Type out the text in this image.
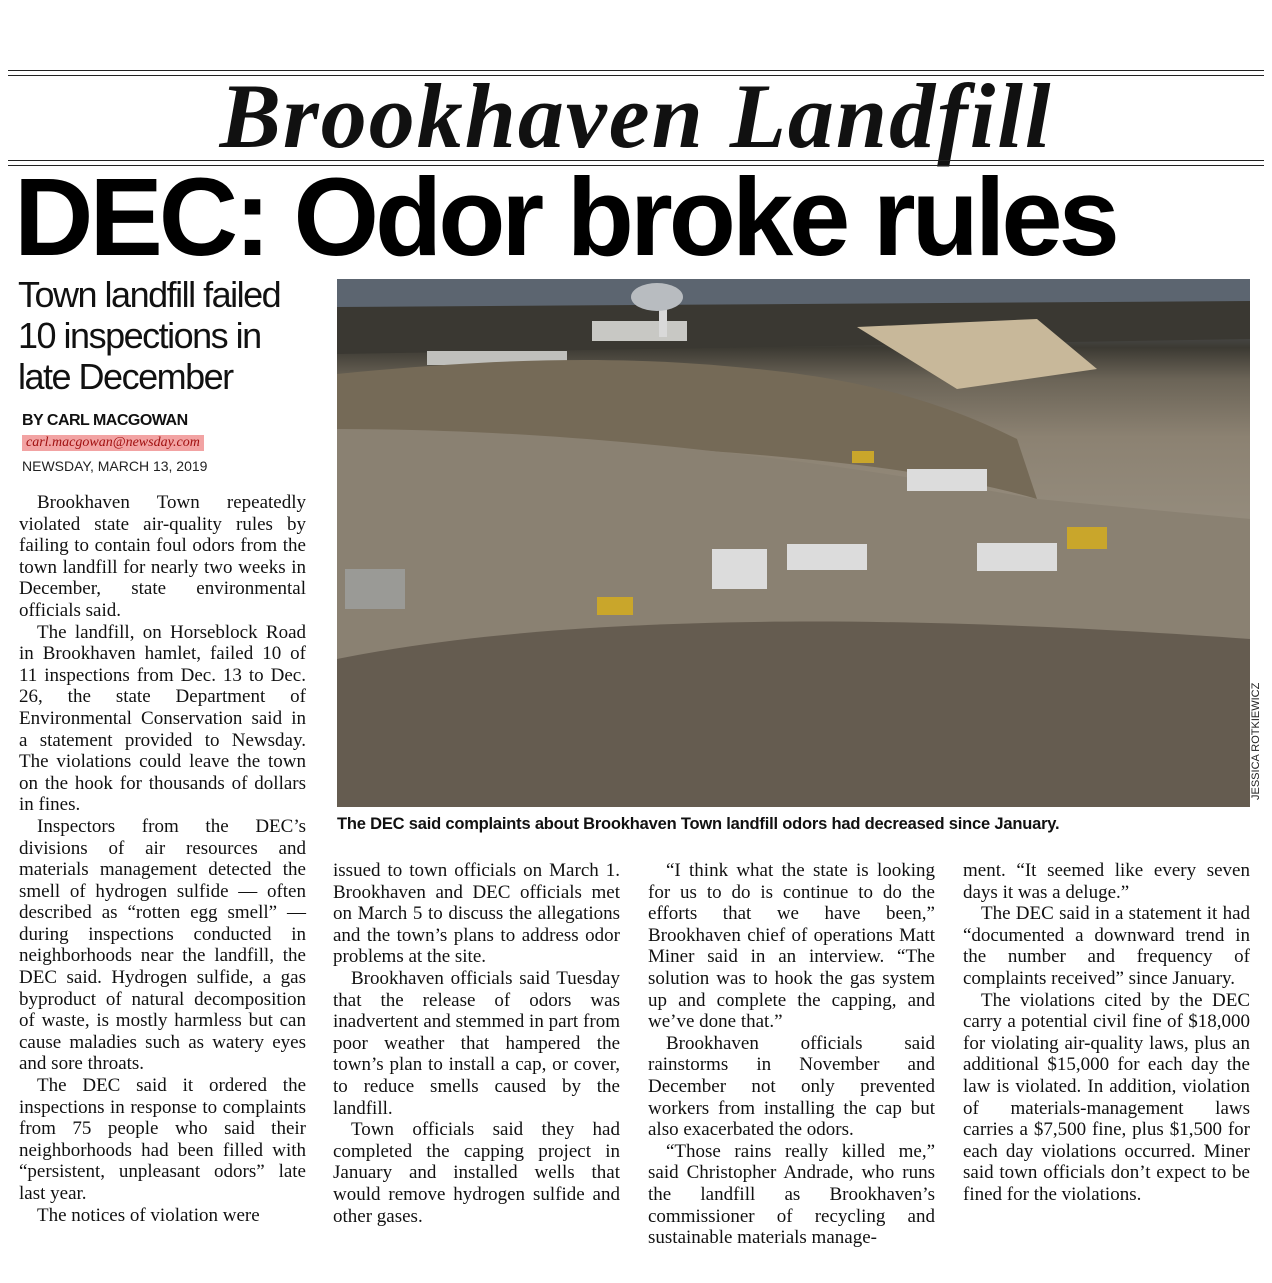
Brookhaven Landfill
DEC: Odor broke rules
Town landfill failed 10 inspections in late December
BY CARL MACGOWAN
carl.macgowan@newsday.com
NEWSDAY, MARCH 13, 2019
JESSICA ROTKIEWICZ
The DEC said complaints about Brookhaven Town landfill odors had decreased since January.

Brookhaven Town repeatedly violated state air-quality rules by failing to contain foul odors from the town landfill for nearly two weeks in December, state environmental officials said.

The landfill, on Horseblock Road in Brookhaven hamlet, failed 10 of 11 inspections from Dec. 13 to Dec. 26, the state Department of Environmental Conservation said in a statement provided to Newsday. The violations could leave the town on the hook for thousands of dollars in fines.

Inspectors from the DEC’s divisions of air resources and materials management detected the smell of hydrogen sulfide — often described as “rotten egg smell” — during inspections conducted in neighborhoods near the landfill, the DEC said. Hydrogen sulfide, a gas byproduct of natural decomposition of waste, is mostly harmless but can cause maladies such as watery eyes and sore throats.

The DEC said it ordered the inspections in response to complaints from 75 people who said their neighborhoods had been filled with “persistent, unpleasant odors” late last year.

The notices of violation were

issued to town officials on March 1. Brookhaven and DEC officials met on March 5 to discuss the allegations and the town’s plans to address odor problems at the site.

Brookhaven officials said Tuesday that the release of odors was inadvertent and stemmed in part from poor weather that hampered the town’s plan to install a cap, or cover, to reduce smells caused by the landfill.

Town officials said they had completed the capping project in January and installed wells that would remove hydrogen sulfide and other gases.

“I think what the state is looking for us to do is continue to do the efforts that we have been,” Brookhaven chief of operations Matt Miner said in an interview. “The solution was to hook the gas system up and complete the capping, and we’ve done that.”

Brookhaven officials said rainstorms in November and December not only prevented workers from installing the cap but also exacerbated the odors.

“Those rains really killed me,” said Christopher Andrade, who runs the landfill as Brookhaven’s commissioner of recycling and sustainable materials manage-

ment. “It seemed like every seven days it was a deluge.”

The DEC said in a statement it had “documented a downward trend in the number and frequency of complaints received” since January.

The violations cited by the DEC carry a potential civil fine of $18,000 for violating air-quality laws, plus an additional $15,000 for each day the law is violated. In addition, violation of materials-management laws carries a $7,500 fine, plus $1,500 for each day violations occurred. Miner said town officials don’t expect to be fined for the violations.
